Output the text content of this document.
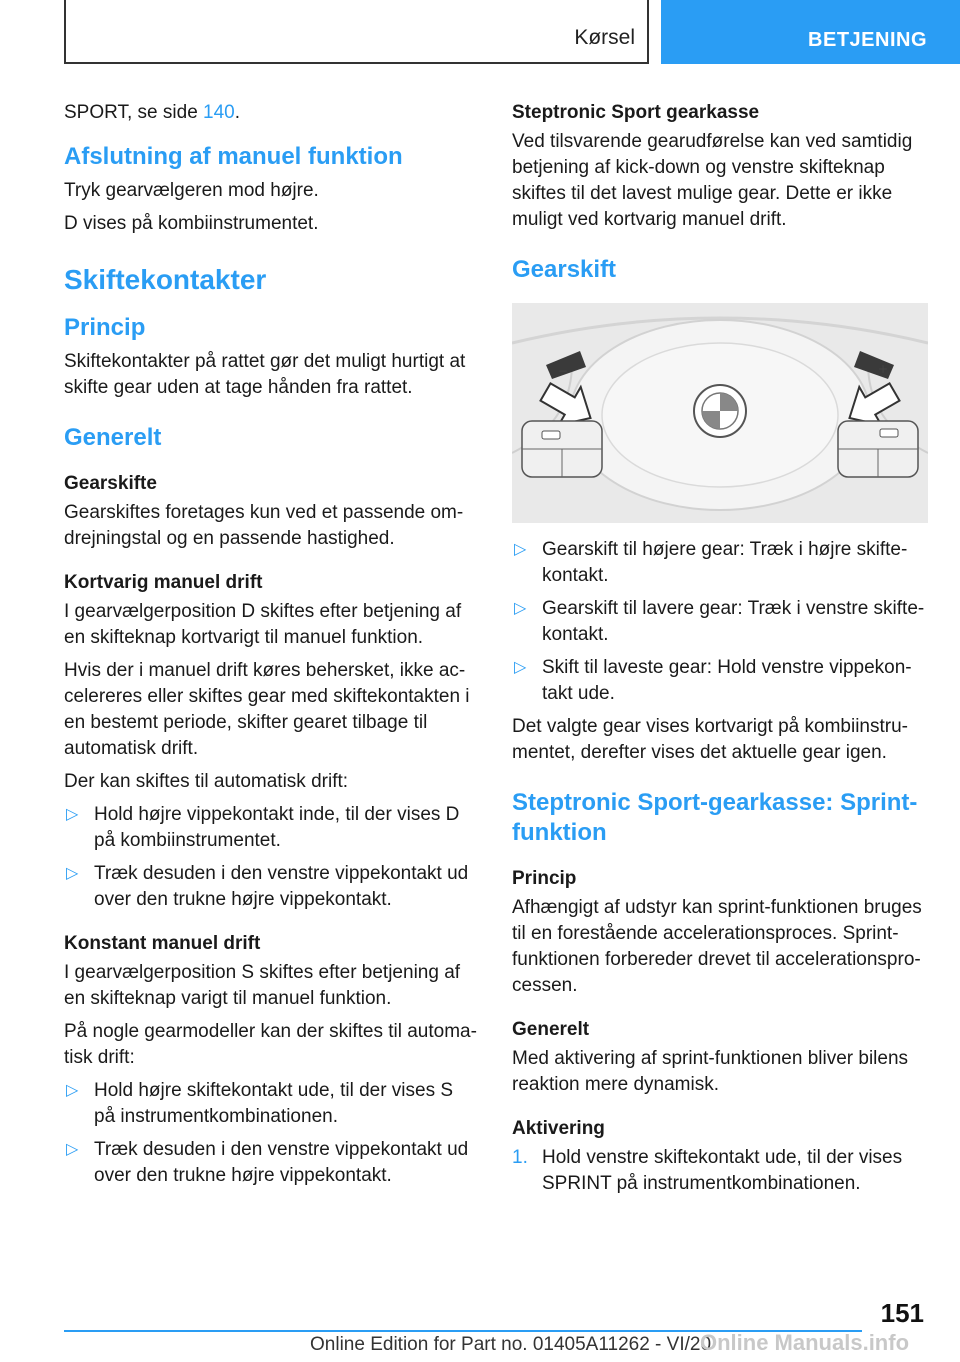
Kørsel	BETJENING

SPORT, se side 140.

Afslutning af manuel funktion

Tryk gearvælgeren mod højre.

D vises på kombiinstrumentet.

Skiftekontakter
Princip

Skiftekontakter på rattet gør det muligt hurtigt at skifte gear uden at tage hånden fra rattet.

Generelt
Gearskifte

Gearskiftes foretages kun ved et passende om-drejningstal og en passende hastighed.

Kortvarig manuel drift

I gearvælgerposition D skiftes efter betjening af en skifteknap kortvarigt til manuel funktion.

Hvis der i manuel drift køres behersket, ikke ac-celereres eller skiftes gear med skiftekontakten i en bestemt periode, skifter gearet tilbage til automatisk drift.

Der kan skiftes til automatisk drift:

▷ Hold højre vippekontakt inde, til der vises D på kombiinstrumentet.
▷ Træk desuden i den venstre vippekontakt ud over den trukne højre vippekontakt.
Konstant manuel drift

I gearvælgerposition S skiftes efter betjening af en skifteknap varigt til manuel funktion.

På nogle gearmodeller kan der skiftes til automa-tisk drift:

▷ Hold højre skiftekontakt ude, til der vises S på instrumentkombinationen.
▷ Træk desuden i den venstre vippekontakt ud over den trukne højre vippekontakt.
Steptronic Sport gearkasse

Ved tilsvarende gearudførelse kan ved samtidig betjening af kick-down og venstre skifteknap skiftes til det lavest mulige gear. Dette er ikke muligt ved kortvarig manuel drift.

Gearskift
−	+
▷ Gearskift til højere gear: Træk i højre skifte-kontakt.
▷ Gearskift til lavere gear: Træk i venstre skifte-kontakt.
▷ Skift til laveste gear: Hold venstre vippekon-takt ude.

Det valgte gear vises kortvarigt på kombiinstru-mentet, derefter vises det aktuelle gear igen.

Steptronic Sport-gearkasse: Sprint-funktion
Princip

Afhængigt af udstyr kan sprint-funktionen bruges til en forestående accelerationsproces. Sprint-funktionen forbereder drevet til accelerationspro-cessen.

Generelt

Med aktivering af sprint-funktionen bliver bilens reaktion mere dynamisk.

Aktivering
1. Hold venstre skiftekontakt ude, til der vises SPRINT på instrumentkombinationen.
151
Online Edition for Part no. 01405A11262 - VI/20
Online Manuals.info
